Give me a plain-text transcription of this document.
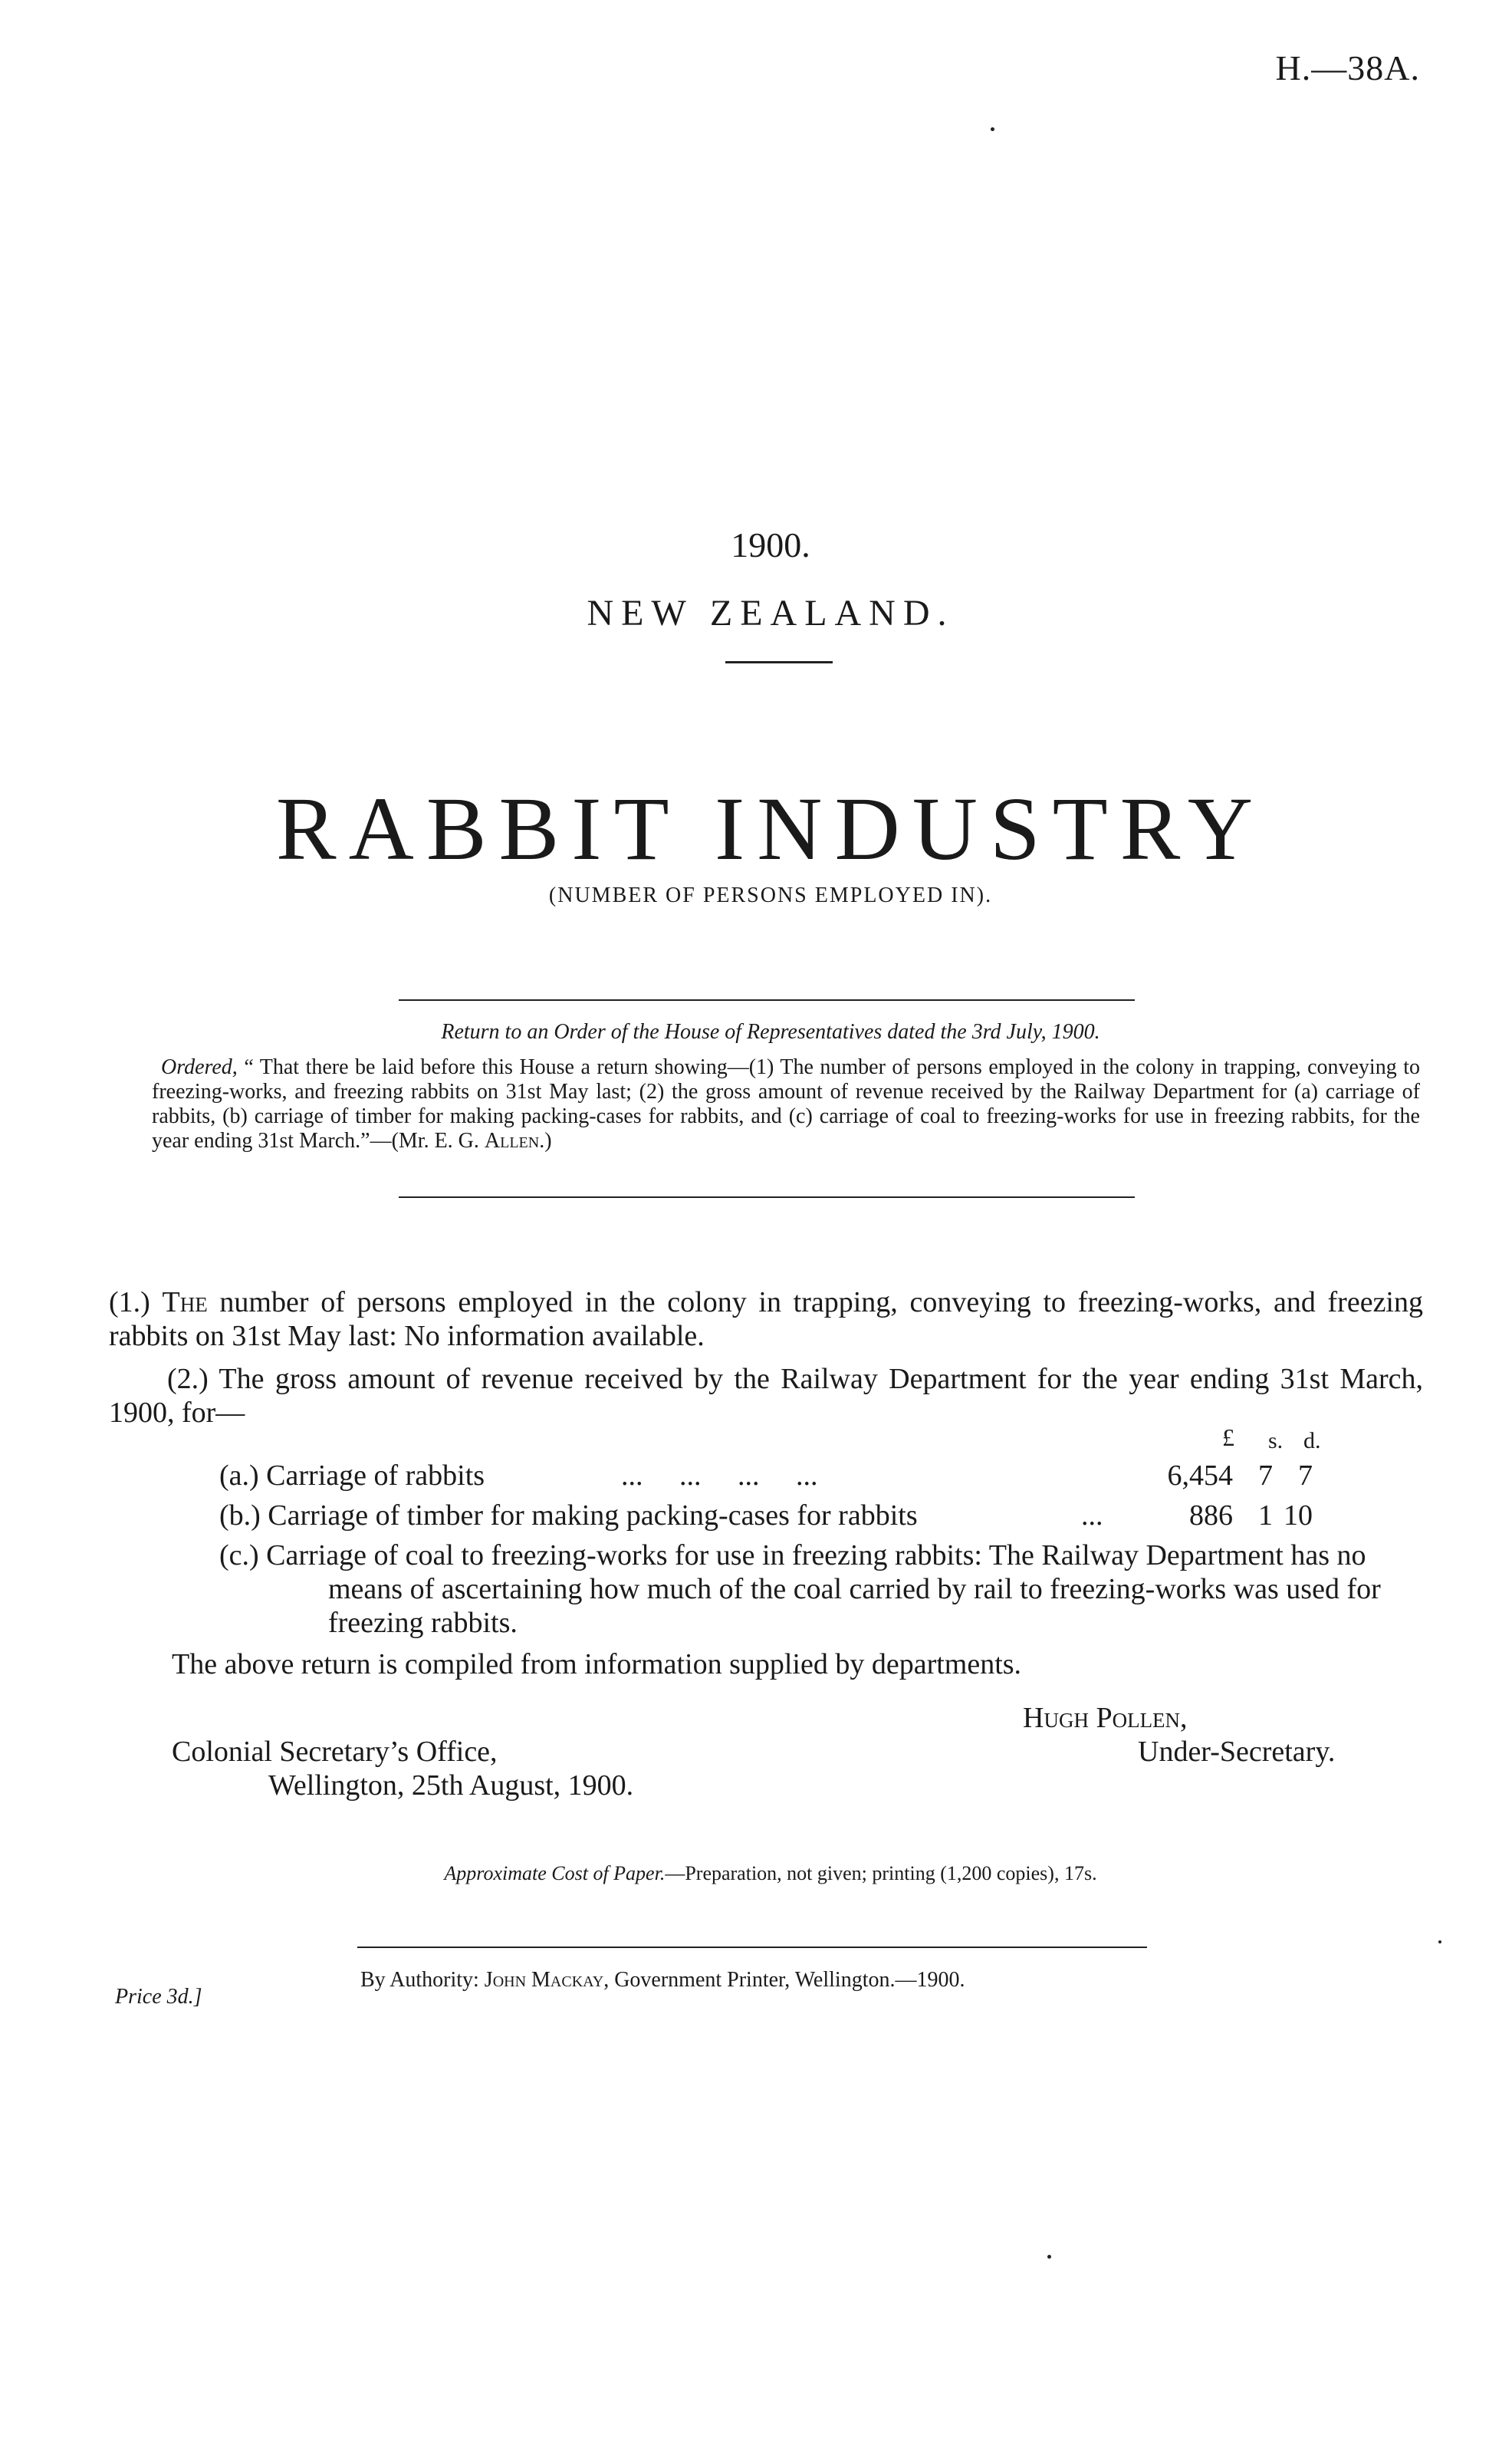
H.—38A.
1900.
NEW ZEALAND.
RABBIT INDUSTRY
(NUMBER OF PERSONS EMPLOYED IN).
Return to an Order of the House of Representatives dated the 3rd July, 1900.
Ordered, “ That there be laid before this House a return showing—(1) The number of persons employed in the colony in trapping, conveying to freezing-works, and freezing rabbits on 31st May last; (2) the gross amount of revenue received by the Railway Department for (a) carriage of rabbits, (b) carriage of timber for making packing-cases for rabbits, and (c) carriage of coal to freezing-works for use in freezing rabbits, for the year ending 31st March.”—(Mr. E. G. Allen.)
(1.) The number of persons employed in the colony in trapping, conveying to freezing-works, and freezing rabbits on 31st May last: No information available.
(2.) The gross amount of revenue received by the Railway Department for the year ending 31st March, 1900, for—
£ s. d.
(a.) Carriage of rabbits	...     ...     ...     ...	6,454 7 7
(b.) Carriage of timber for making packing-cases for rabbits	...	886 1 10
(c.) Carriage of coal to freezing-works for use in freezing rabbits: The Railway Department has no means of ascertaining how much of the coal carried by rail to freezing-works was used for freezing rabbits.
The above return is compiled from information supplied by departments.
Hugh Pollen,
Under-Secretary.
Colonial Secretary’s Office,
Wellington, 25th August, 1900.
Approximate Cost of Paper.—Preparation, not given; printing (1,200 copies), 17s.
By Authority: John Mackay, Government Printer, Wellington.—1900.
Price 3d.]
